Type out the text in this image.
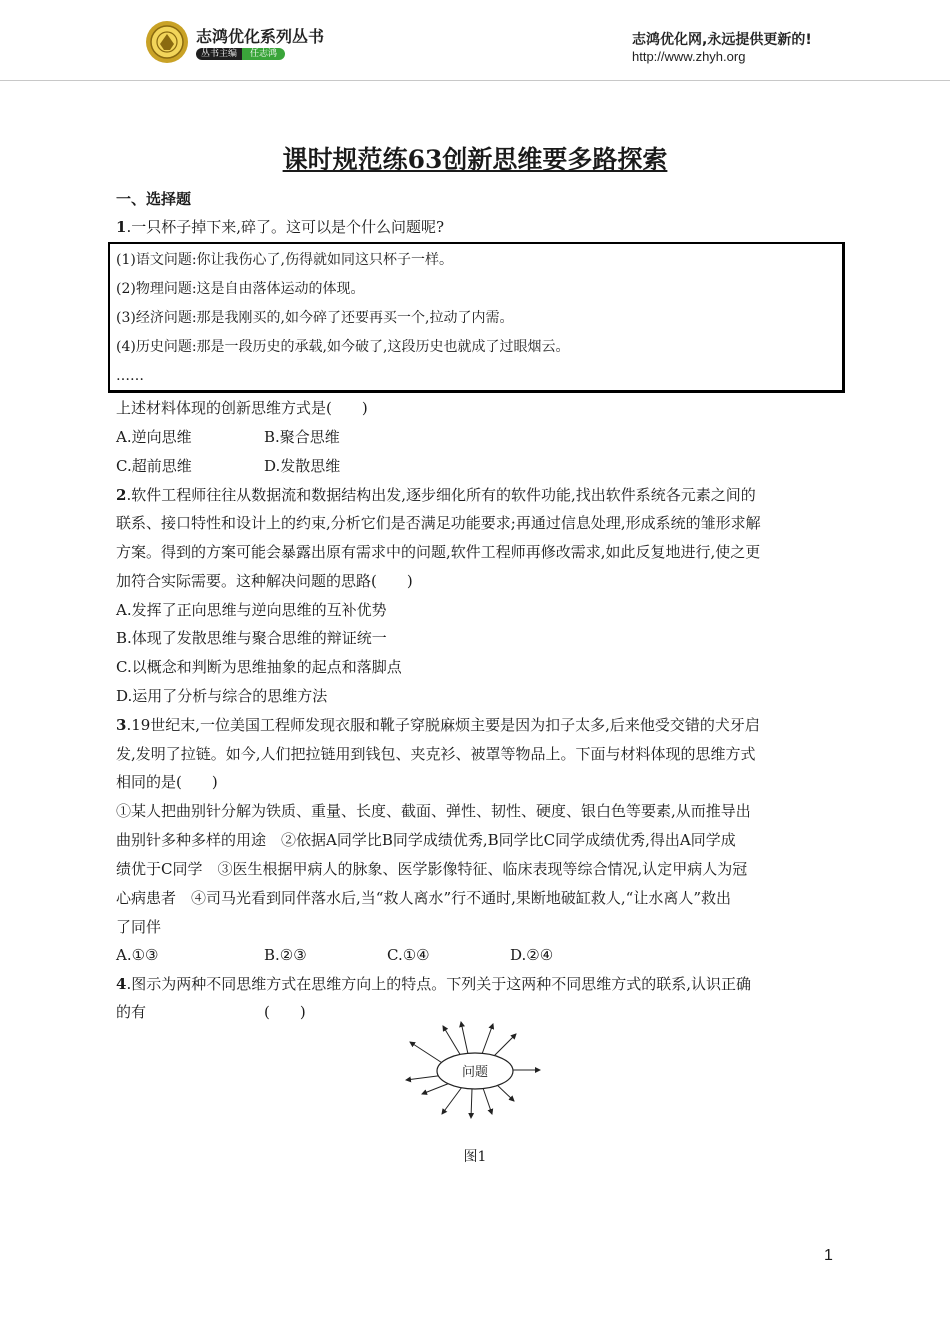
志鸿优化系列丛书
丛书主编	任志鸿
志鸿优化网,永远提供更新的!
http://www.zhyh.org
课时规范练63创新思维要多路探索
一、选择题
1.一只杯子掉下来,碎了。这可以是个什么问题呢?
(1)语文问题:你让我伤心了,伤得就如同这只杯子一样。
(2)物理问题:这是自由落体运动的体现。
(3)经济问题:那是我刚买的,如今碎了还要再买一个,拉动了内需。
(4)历史问题:那是一段历史的承载,如今破了,这段历史也就成了过眼烟云。
……
上述材料体现的创新思维方式是(　　)
A.逆向思维	B.聚合思维
C.超前思维	D.发散思维
2.软件工程师往往从数据流和数据结构出发,逐步细化所有的软件功能,找出软件系统各元素之间的
联系、接口特性和设计上的约束,分析它们是否满足功能要求;再通过信息处理,形成系统的雏形求解
方案。得到的方案可能会暴露出原有需求中的问题,软件工程师再修改需求,如此反复地进行,使之更
加符合实际需要。这种解决问题的思路(　　)
A.发挥了正向思维与逆向思维的互补优势
B.体现了发散思维与聚合思维的辩证统一
C.以概念和判断为思维抽象的起点和落脚点
D.运用了分析与综合的思维方法
3.19世纪末,一位美国工程师发现衣服和靴子穿脱麻烦主要是因为扣子太多,后来他受交错的犬牙启
发,发明了拉链。如今,人们把拉链用到钱包、夹克衫、被罩等物品上。下面与材料体现的思维方式
相同的是(　　)
①某人把曲别针分解为铁质、重量、长度、截面、弹性、韧性、硬度、银白色等要素,从而推导出
曲别针多种多样的用途　②依据A同学比B同学成绩优秀,B同学比C同学成绩优秀,得出A同学成
绩优于C同学　③医生根据甲病人的脉象、医学影像特征、临床表现等综合情况,认定甲病人为冠
心病患者　④司马光看到同伴落水后,当“救人离水”行不通时,果断地破缸救人,“让水离人”救出
了同伴
A.①③	B.②③	C.①④	D.②④
4.图示为两种不同思维方式在思维方向上的特点。下列关于这两种不同思维方式的联系,认识正确
的有	(　　)
问题
图1
1
